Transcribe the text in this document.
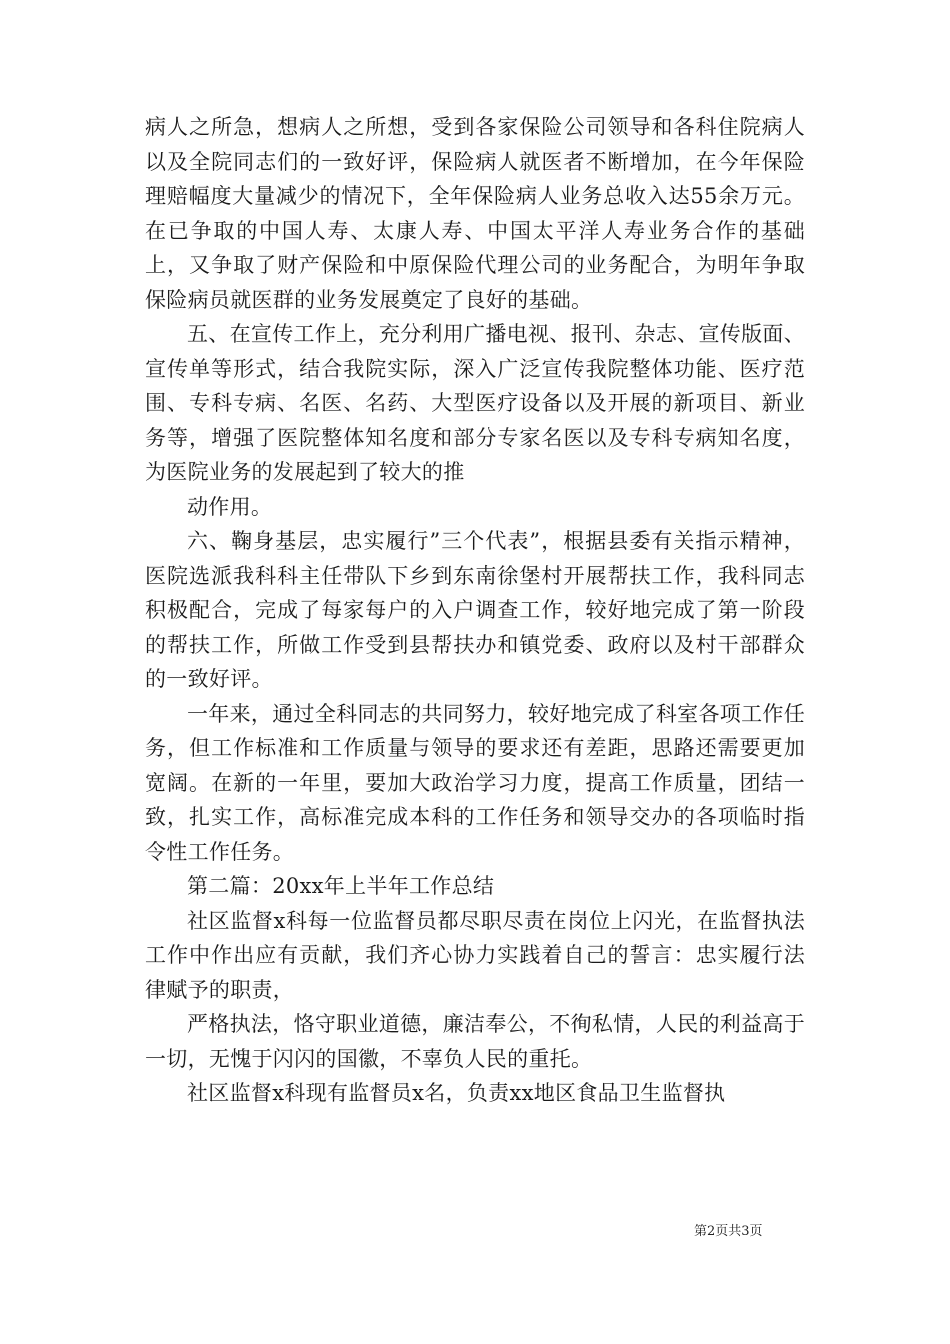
病人之所急，想病人之所想，受到各家保险公司领导和各科住院病人以及全院同志们的一致好评，保险病人就医者不断增加，在今年保险理赔幅度大量减少的情况下，全年保险病人业务总收入达55余万元。在已争取的中国人寿、太康人寿、中国太平洋人寿业务合作的基础上，又争取了财产保险和中原保险代理公司的业务配合，为明年争取保险病员就医群的业务发展奠定了良好的基础。

五、在宣传工作上，充分利用广播电视、报刊、杂志、宣传版面、宣传单等形式，结合我院实际，深入广泛宣传我院整体功能、医疗范围、专科专病、名医、名药、大型医疗设备以及开展的新项目、新业务等，增强了医院整体知名度和部分专家名医以及专科专病知名度，为医院业务的发展起到了较大的推

动作用。

六、鞠身基层，忠实履行”三个代表”，根据县委有关指示精神，医院选派我科科主任带队下乡到东南徐堡村开展帮扶工作，我科同志积极配合，完成了每家每户的入户调查工作，较好地完成了第一阶段的帮扶工作，所做工作受到县帮扶办和镇党委、政府以及村干部群众的一致好评。

一年来，通过全科同志的共同努力，较好地完成了科室各项工作任务，但工作标准和工作质量与领导的要求还有差距，思路还需要更加宽阔。在新的一年里，要加大政治学习力度，提高工作质量，团结一致，扎实工作，高标准完成本科的工作任务和领导交办的各项临时指令性工作任务。

第二篇：20xx年上半年工作总结

社区监督x科每一位监督员都尽职尽责在岗位上闪光，在监督执法工作中作出应有贡献，我们齐心协力实践着自己的誓言：忠实履行法律赋予的职责，

严格执法，恪守职业道德，廉洁奉公，不徇私情，人民的利益高于一切，无愧于闪闪的国徽，不辜负人民的重托。

社区监督x科现有监督员x名，负责xx地区食品卫生监督执

第2页共3页
